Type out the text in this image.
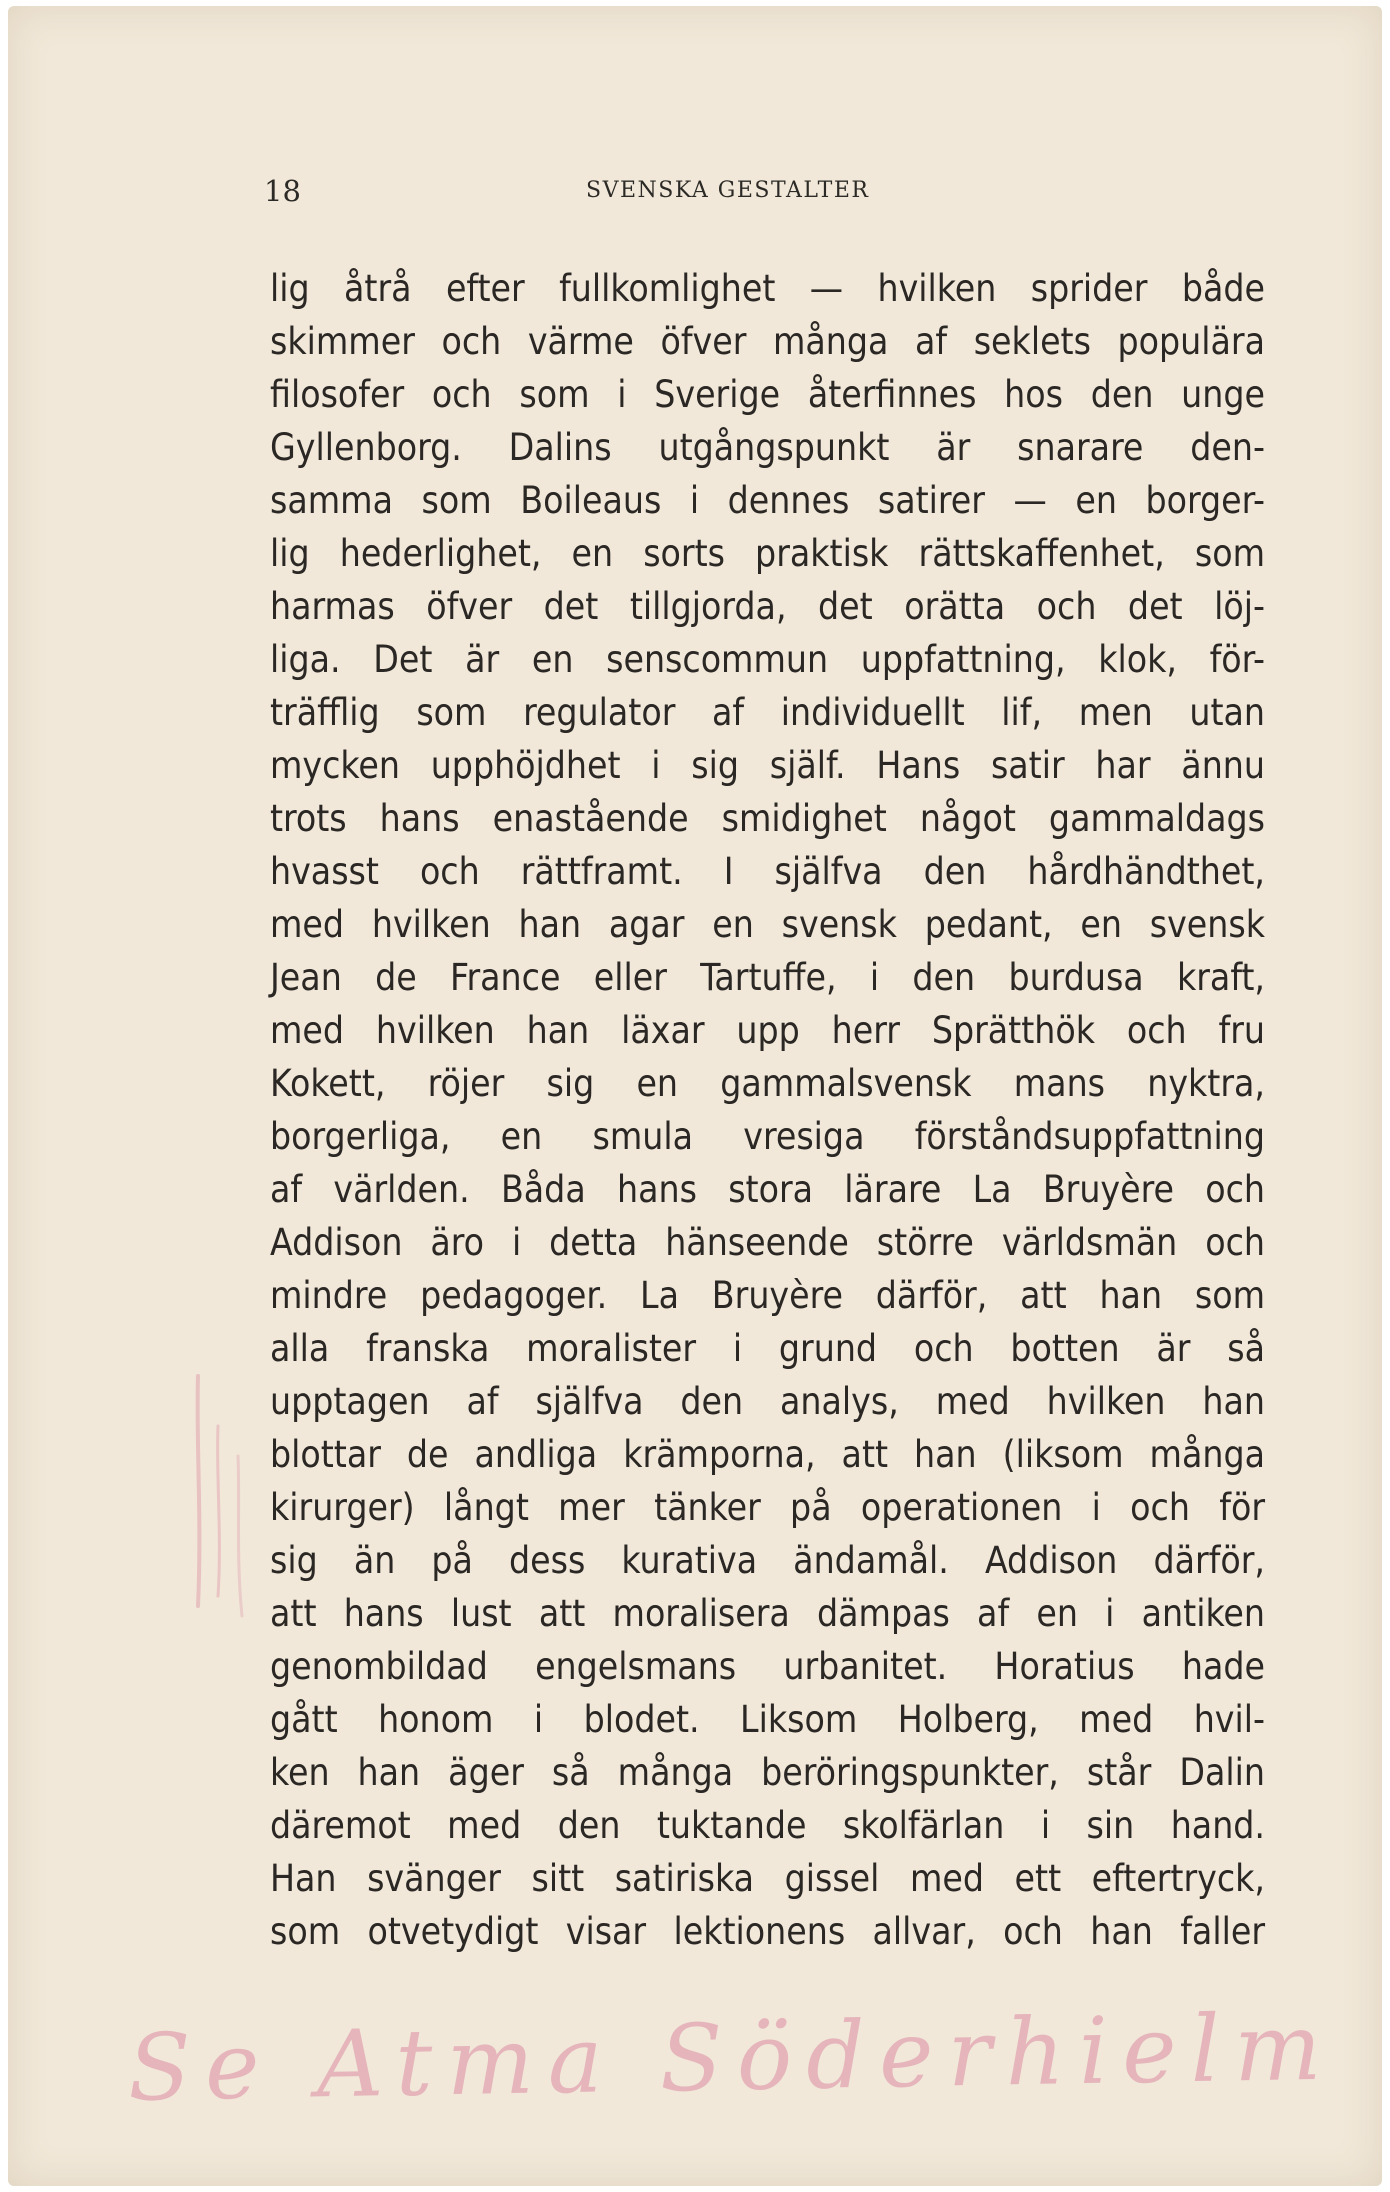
18	SVENSKA GESTALTER
lig åtrå efter fullkomlighet — hvilken sprider både
skimmer och värme öfver många af seklets populära
filosofer och som i Sverige återfinnes hos den unge
Gyllenborg. Dalins utgångspunkt är snarare den-
samma som Boileaus i dennes satirer — en borger-
lig hederlighet, en sorts praktisk rättskaffenhet, som
harmas öfver det tillgjorda, det orätta och det löj-
liga. Det är en senscommun uppfattning, klok, för-
träfflig som regulator af individuellt lif, men utan
mycken upphöjdhet i sig själf. Hans satir har ännu
trots hans enastående smidighet något gammaldags
hvasst och rättframt. I själfva den hårdhändthet,
med hvilken han agar en svensk pedant, en svensk
Jean de France eller Tartuffe, i den burdusa kraft,
med hvilken han läxar upp herr Sprätthök och fru
Kokett, röjer sig en gammalsvensk mans nyktra,
borgerliga, en smula vresiga förståndsuppfattning
af världen. Båda hans stora lärare La Bruyère och
Addison äro i detta hänseende större världsmän och
mindre pedagoger. La Bruyère därför, att han som
alla franska moralister i grund och botten är så
upptagen af själfva den analys, med hvilken han
blottar de andliga krämporna, att han (liksom många
kirurger) långt mer tänker på operationen i och för
sig än på dess kurativa ändamål. Addison därför,
att hans lust att moralisera dämpas af en i antiken
genombildad engelsmans urbanitet. Horatius hade
gått honom i blodet. Liksom Holberg, med hvil-
ken han äger så många beröringspunkter, står Dalin
däremot med den tuktande skolfärlan i sin hand.
Han svänger sitt satiriska gissel med ett eftertryck,
som otvetydigt visar lektionens allvar, och han faller
Se Atma Söderhielm
